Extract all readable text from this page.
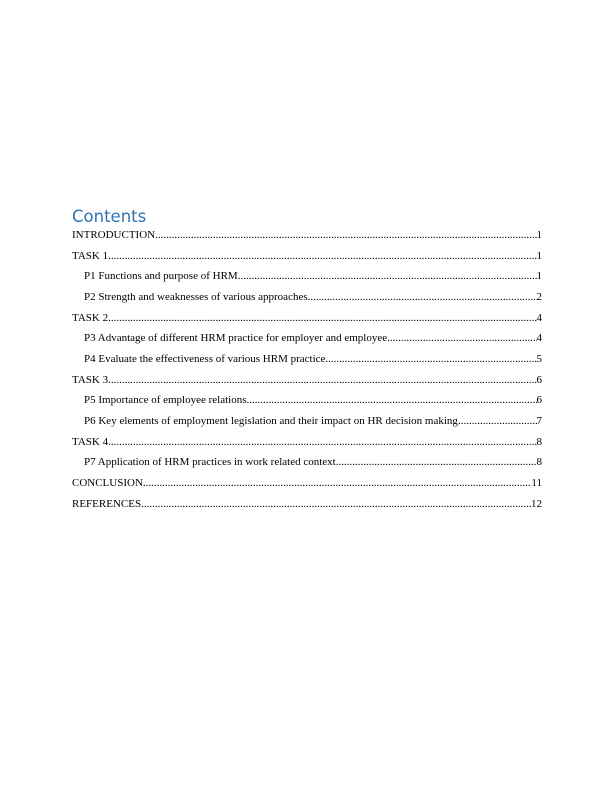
Contents
INTRODUCTION .....	1
TASK 1 .....	1
P1 Functions and purpose of HRM .....	1
P2 Strength and weaknesses of various approaches .....	2
TASK 2 .....	4
P3 Advantage of different HRM practice for employer and employee .....	4
P4 Evaluate the effectiveness of various HRM practice .....	5
TASK 3 .....	6
P5 Importance of employee relations .....	6
P6 Key elements of employment legislation and their impact on HR decision making .....	7
TASK 4 .....	8
P7 Application of HRM practices in work related context .....	8
CONCLUSION .....	11
REFERENCES .....	12
